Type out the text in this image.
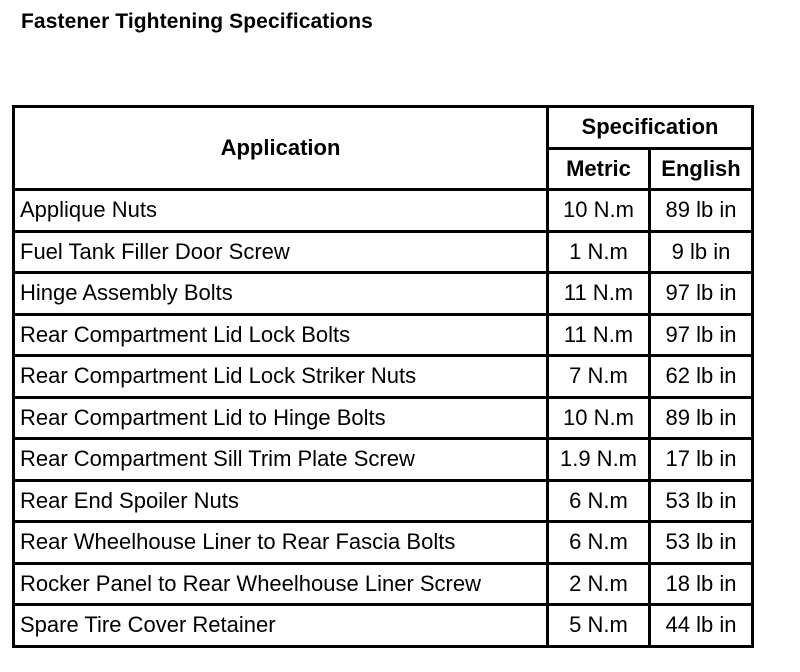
Fastener Tightening Specifications
Application	Specification	
	Metric	English
Applique Nuts	10 N.m	89 lb in
Fuel Tank Filler Door Screw	1 N.m	9 lb in
Hinge Assembly Bolts	11 N.m	97 lb in
Rear Compartment Lid Lock Bolts	11 N.m	97 lb in
Rear Compartment Lid Lock Striker Nuts	7 N.m	62 lb in
Rear Compartment Lid to Hinge Bolts	10 N.m	89 lb in
Rear Compartment Sill Trim Plate Screw	1.9 N.m	17 lb in
Rear End Spoiler Nuts	6 N.m	53 lb in
Rear Wheelhouse Liner to Rear Fascia Bolts	6 N.m	53 lb in
Rocker Panel to Rear Wheelhouse Liner Screw	2 N.m	18 lb in
Spare Tire Cover Retainer	5 N.m	44 lb in
